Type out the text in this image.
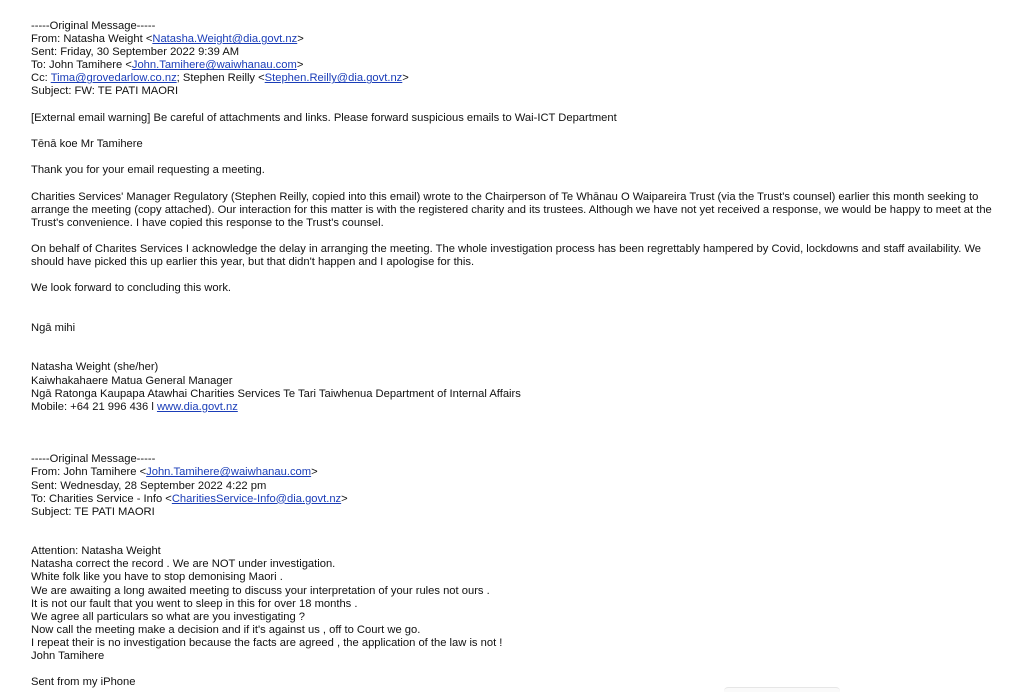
-----Original Message-----
From: Natasha Weight <Natasha.Weight@dia.govt.nz>
Sent: Friday, 30 September 2022 9:39 AM
To: John Tamihere <John.Tamihere@waiwhanau.com>
Cc: Tima@grovedarlow.co.nz; Stephen Reilly <Stephen.Reilly@dia.govt.nz>
Subject: FW: TE PATI MAORI
[External email warning] Be careful of attachments and links. Please forward suspicious emails to Wai-ICT Department
Tēnā koe Mr Tamihere
Thank you for your email requesting a meeting.
Charities Services' Manager Regulatory (Stephen Reilly, copied into this email) wrote to the Chairperson of Te Whānau O Waipareira Trust (via the Trust's counsel) earlier this month seeking to arrange the meeting (copy attached). Our interaction for this matter is with the registered charity and its trustees. Although we have not yet received a response, we would be happy to meet at the Trust's convenience. I have copied this response to the Trust's counsel.
On behalf of Charites Services I acknowledge the delay in arranging the meeting. The whole investigation process has been regrettably hampered by Covid, lockdowns and staff availability. We should have picked this up earlier this year, but that didn't happen and I apologise for this.
We look forward to concluding this work.
Ngā mihi
Natasha Weight (she/her)
Kaiwhakahaere Matua General Manager
Ngā Ratonga Kaupapa Atawhai Charities Services Te Tari Taiwhenua Department of Internal Affairs
Mobile: +64 21 996 436 l www.dia.govt.nz
-----Original Message-----
From: John Tamihere <John.Tamihere@waiwhanau.com>
Sent: Wednesday, 28 September 2022 4:22 pm
To: Charities Service - Info <CharitiesService-Info@dia.govt.nz>
Subject: TE PATI MAORI
Attention: Natasha Weight
Natasha correct the record . We are NOT under investigation.
White folk like you have to stop demonising Maori .
We are awaiting a long awaited meeting to discuss your interpretation of your rules not ours .
It is not our fault that you went to sleep in this for over 18 months .
We agree all particulars so what are you investigating ?
Now call the meeting make a decision and if it's against us , off to Court we go.
I repeat their is no investigation because the facts are agreed , the application of the law is not !
John Tamihere
Sent from my iPhone
